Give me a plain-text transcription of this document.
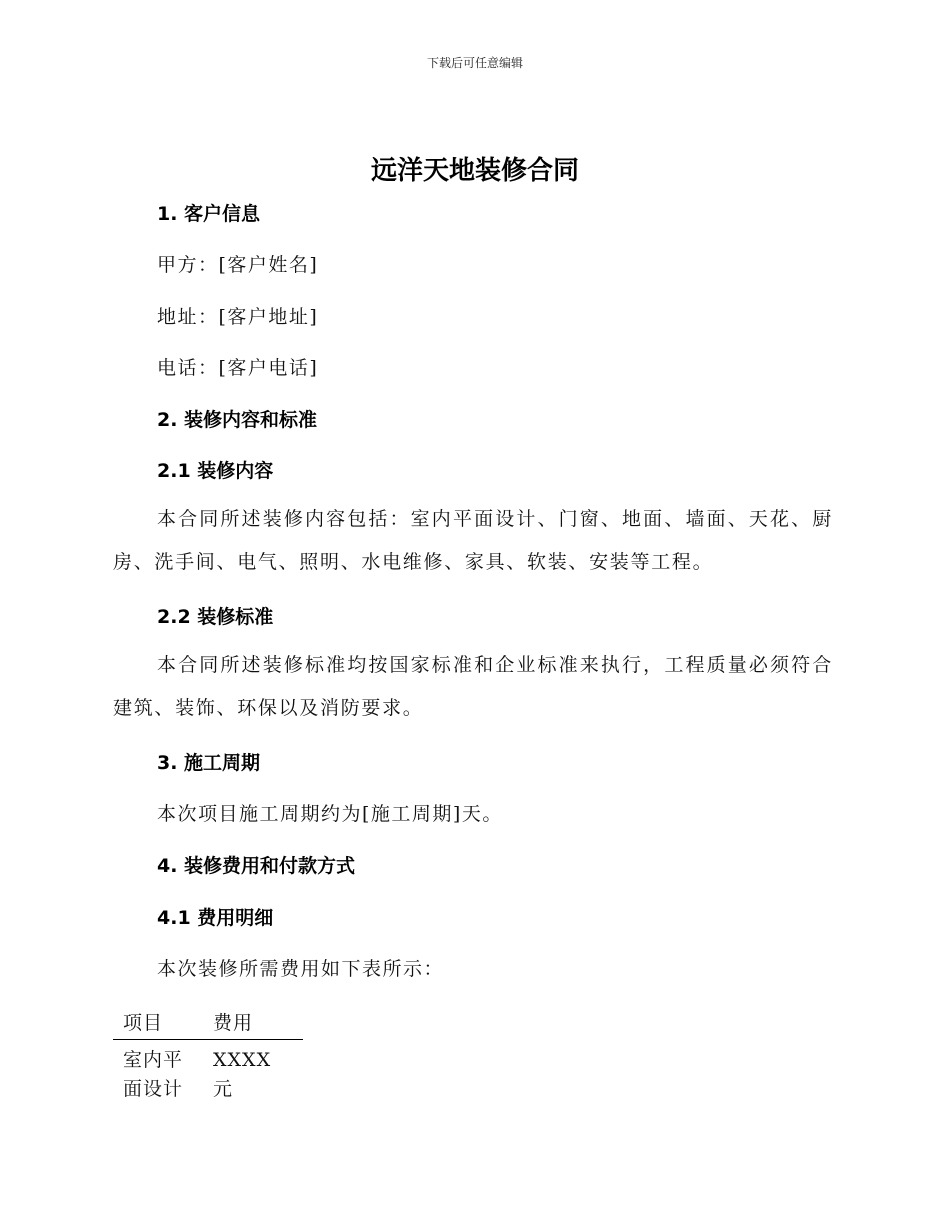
下载后可任意编辑
远洋天地装修合同
1. 客户信息

甲方：[客户姓名]

地址：[客户地址]

电话：[客户电话]

2. 装修内容和标准
2.1 装修内容

本合同所述装修内容包括：室内平面设计、门窗、地面、墙面、天花、厨房、洗手间、电气、照明、水电维修、家具、软装、安装等工程。

2.2 装修标准

本合同所述装修标准均按国家标准和企业标准来执行，工程质量必须符合建筑、装饰、环保以及消防要求。

3. 施工周期

本次项目施工周期约为[施工周期]天。

4. 装修费用和付款方式
4.1 费用明细

本次装修所需费用如下表所示：

项目	费用
室内平面设计	XXXX 元
